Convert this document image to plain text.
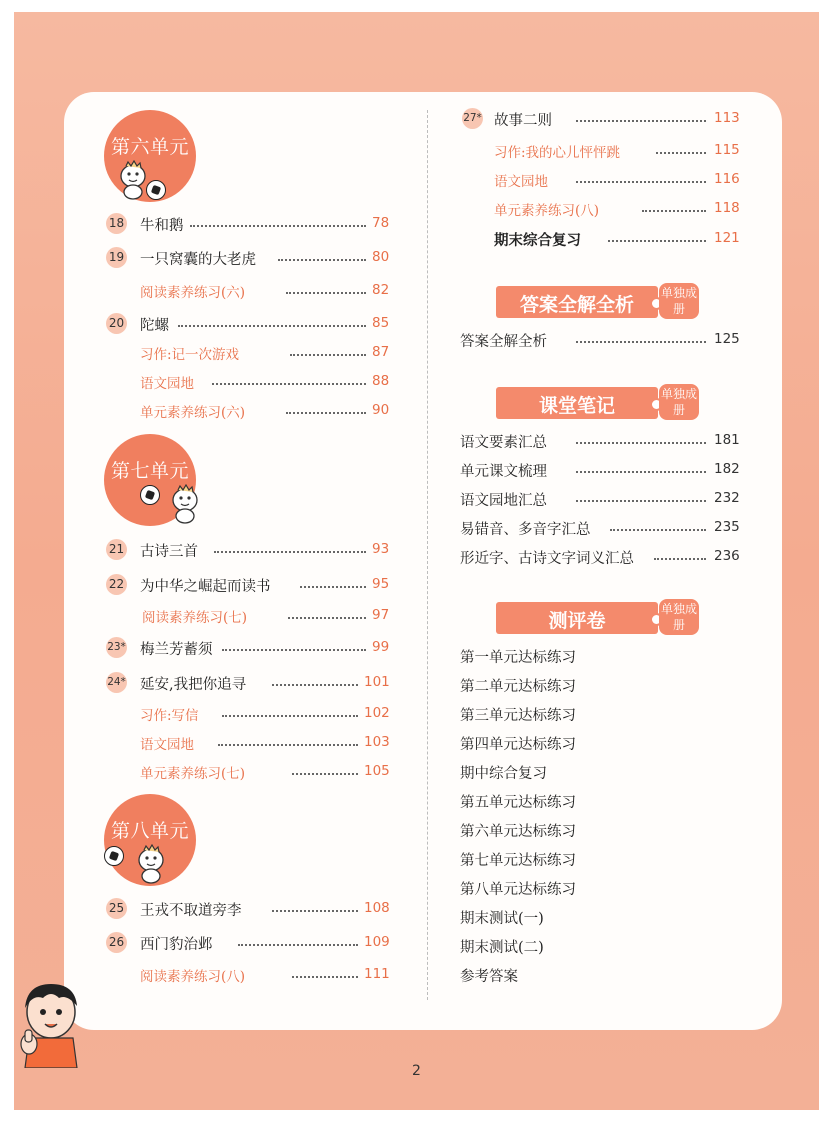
第六单元
第七单元
第八单元
18 牛和鹅	78
19 一只窝囊的大老虎	80
阅读素养练习(六)	82
20 陀螺	85
习作:记一次游戏	87
语文园地	88
单元素养练习(六)	90
21 古诗三首	93
22 为中华之崛起而读书	95
阅读素养练习(七)	97
23* 梅兰芳蓄须	99
24* 延安,我把你追寻	101
习作:写信	102
语文园地	103
单元素养练习(七)	105
25 王戎不取道旁李	108
26 西门豹治邺	109
阅读素养练习(八)	111
27* 故事二则	113
习作:我的心儿怦怦跳	115
语文园地	116
单元素养练习(八)	118
期末综合复习	121
答案全解全析
单独成册
答案全解全析	125
课堂笔记
单独成册
语文要素汇总	181
单元课文梳理	182
语文园地汇总	232
易错音、多音字汇总	235
形近字、古诗文字词义汇总	236
测评卷
单独成册
第一单元达标练习
第二单元达标练习
第三单元达标练习
第四单元达标练习
期中综合复习
第五单元达标练习
第六单元达标练习
第七单元达标练习
第八单元达标练习
期末测试(一)
期末测试(二)
参考答案
2
